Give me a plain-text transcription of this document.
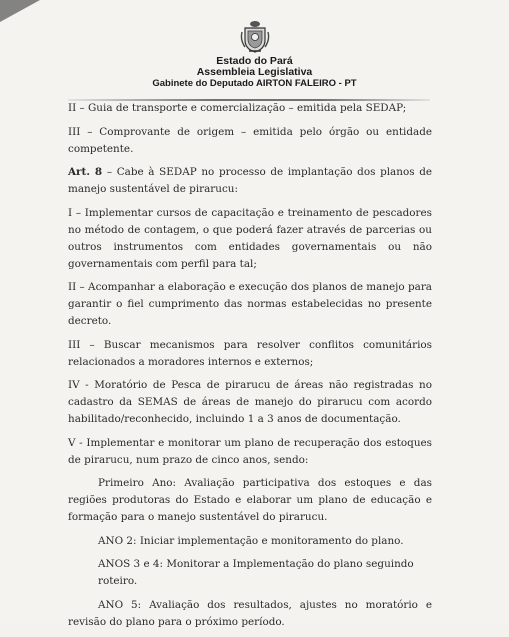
Estado do Pará
Assembleia Legislativa
Gabinete do Deputado AIRTON FALEIRO - PT

II – Guia de transporte e comercialização – emitida pela SEDAP;

III – Comprovante de origem – emitida pelo órgão ou entidade competente.

Art. 8 – Cabe à SEDAP no processo de implantação dos planos de manejo sustentável de pirarucu:

I – Implementar cursos de capacitação e treinamento de pescadores no método de contagem, o que poderá fazer através de parcerias ou outros instrumentos com entidades governamentais ou não governamentais com perfil para tal;

II – Acompanhar a elaboração e execução dos planos de manejo para garantir o fiel cumprimento das normas estabelecidas no presente decreto.

III – Buscar mecanismos para resolver conflitos comunitários relacionados a moradores internos e externos;

IV - Moratório de Pesca de pirarucu de áreas não registradas no cadastro da SEMAS de áreas de manejo do pirarucu com acordo habilitado/reconhecido, incluindo 1 a 3 anos de documentação.

V - Implementar e monitorar um plano de recuperação dos estoques de pirarucu, num prazo de cinco anos, sendo:

Primeiro Ano: Avaliação participativa dos estoques e das regiões produtoras do Estado e elaborar um plano de educação e formação para o manejo sustentável do pirarucu.

ANO 2: Iniciar implementação e monitoramento do plano.

ANOS 3 e 4: Monitorar a Implementação do plano seguindo roteiro.

ANO 5: Avaliação dos resultados, ajustes no moratório e revisão do plano para o próximo período.
